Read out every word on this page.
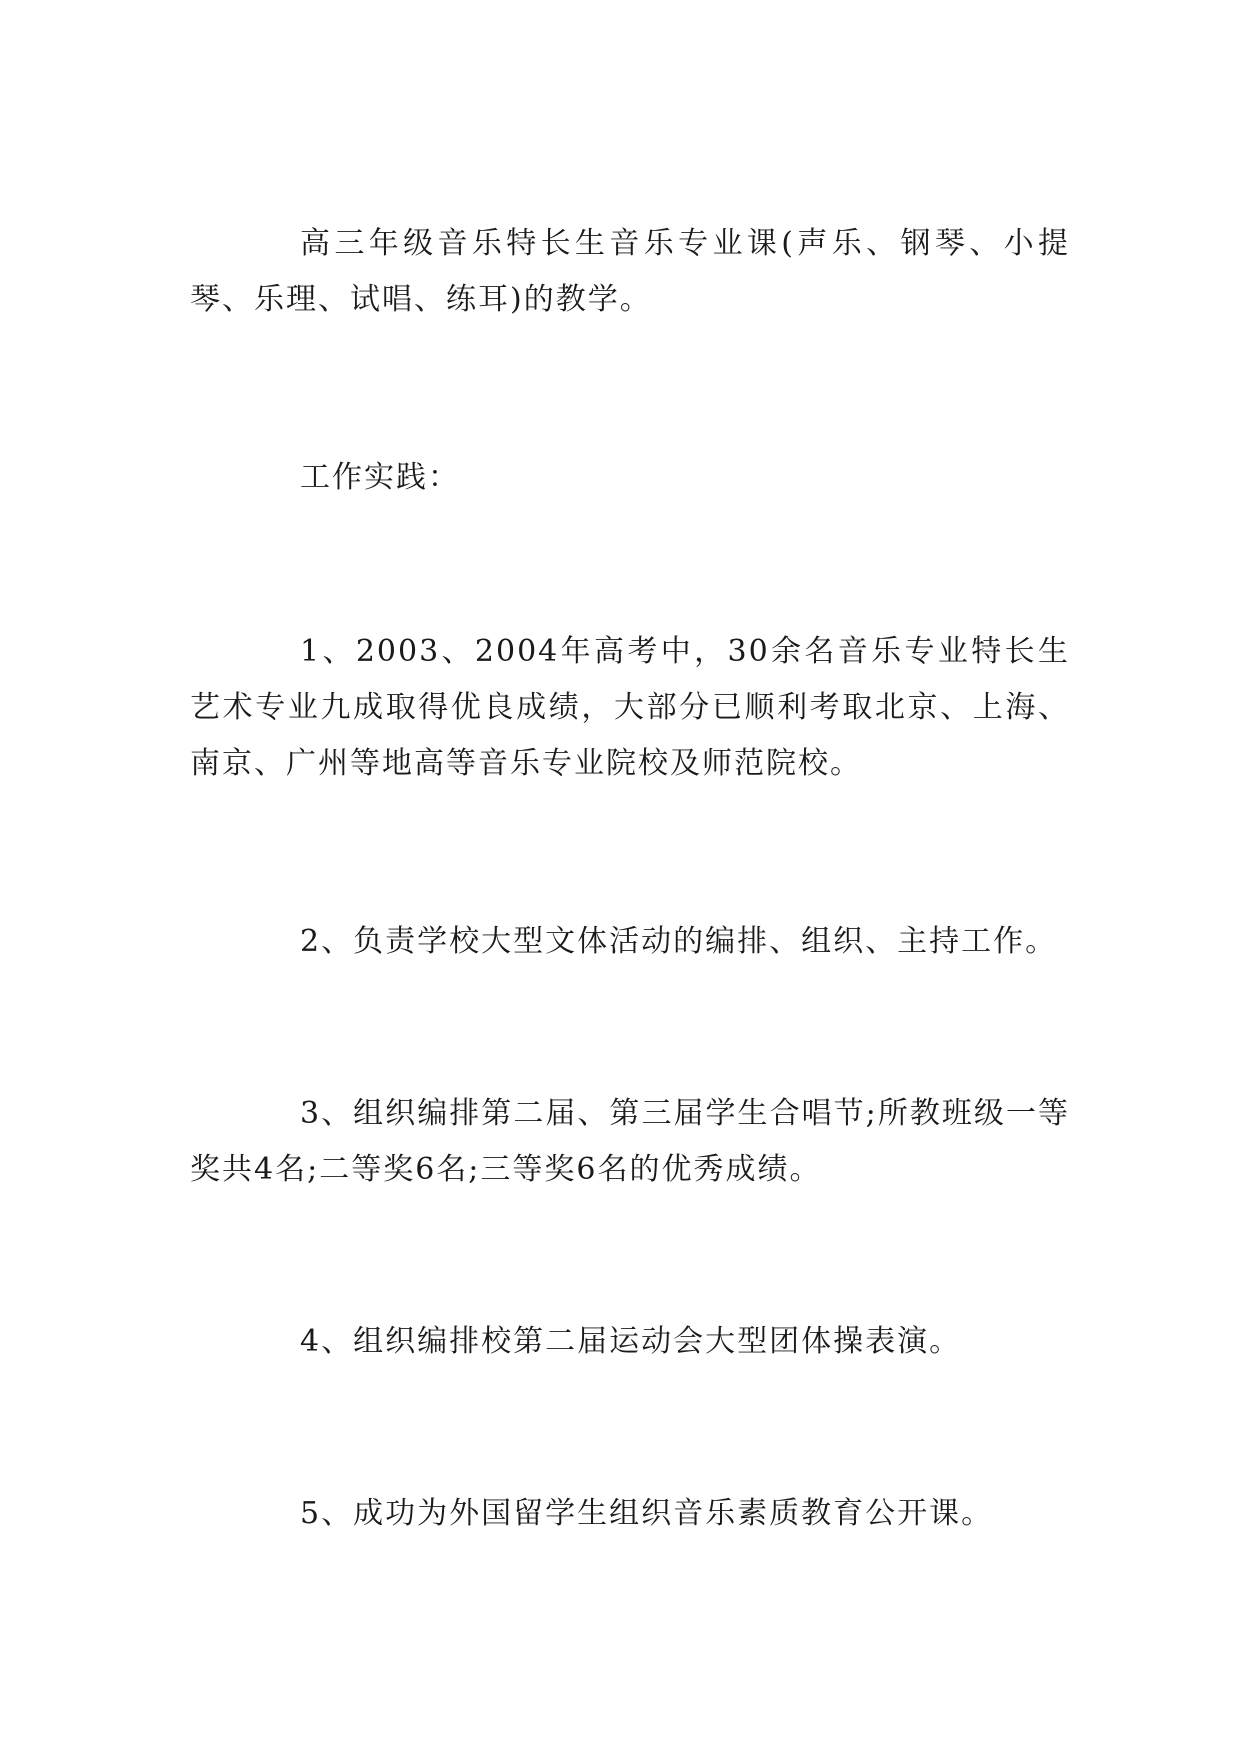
高三年级音乐特长生音乐专业课(声乐、钢琴、小提琴、乐理、试唱、练耳)的教学。

工作实践：

1、2003、2004年高考中，30余名音乐专业特长生艺术专业九成取得优良成绩，大部分已顺利考取北京、上海、南京、广州等地高等音乐专业院校及师范院校。

2、负责学校大型文体活动的编排、组织、主持工作。

3、组织编排第二届、第三届学生合唱节;所教班级一等奖共4名;二等奖6名;三等奖6名的优秀成绩。

4、组织编排校第二届运动会大型团体操表演。

5、成功为外国留学生组织音乐素质教育公开课。
